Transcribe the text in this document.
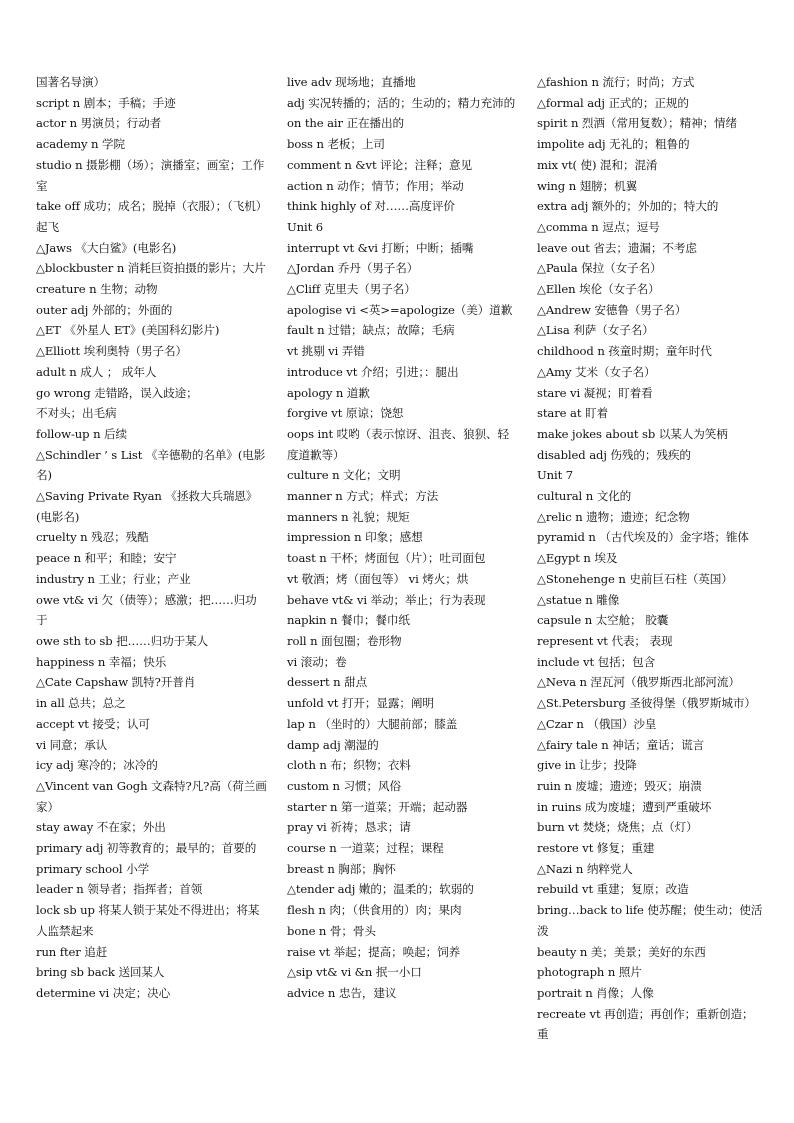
国著名导演）

script n 剧本；手稿；手迹

actor n 男演员；行动者

academy n 学院

studio n 摄影棚（场）；演播室；画室；工作室

take off 成功；成名；脱掉（衣服）；（飞机）起飞

△Jaws 《大白鲨》(电影名)

△blockbuster n 消耗巨资拍摄的影片；大片

creature n 生物；动物

outer adj 外部的；外面的

△ET 《外星人 ET》(美国科幻影片)

△Elliott 埃利奥特（男子名）

adult n 成人 ； 成年人

go wrong 走错路，误入歧途；

不对头；出毛病

follow-up n 后续

△Schindler ’ s List 《辛德勒的名单》(电影名)

△Saving Private Ryan 《拯救大兵瑞恩》(电影名)

cruelty n 残忍；残酷

peace n 和平；和睦；安宁

industry n 工业；行业；产业

owe vt& vi 欠（债等）；感激；把……归功于

owe sth to sb 把……归功于某人

happiness n 幸福；快乐

△Cate Capshaw 凯特?开普肖

in all 总共；总之

accept vt 接受；认可

vi 同意；承认

icy adj 寒冷的；冰冷的

△Vincent van Gogh 文森特?凡?高（荷兰画家）

stay away 不在家；外出

primary adj 初等教育的；最早的；首要的

primary school 小学

leader n 领导者；指挥者；首领

lock sb up 将某人锁于某处不得进出；将某人监禁起来

run fter 追赶

bring sb back 送回某人

determine vi 决定；决心

live adv 现场地；直播地

adj 实况转播的；活的；生动的；精力充沛的

on the air 正在播出的

boss n 老板；上司

comment n &vt 评论；注释；意见

action n 动作；情节；作用；举动

think highly of 对……高度评价

Unit 6

interrupt vt &vi 打断；中断；插嘴

△Jordan 乔丹（男子名）

△Cliff 克里夫（男子名）

apologise vi <英>=apologize（美）道歉

fault n 过错；缺点；故障；毛病

vt 挑剔 vi 弄错

introduce vt 介绍；引进；：腿出

apology n 道歉

forgive vt 原谅；饶恕

oops int 哎哟（表示惊讶、沮丧、狼狈、轻度道歉等）

culture n 文化；文明

manner n 方式；样式；方法

manners n 礼貌；规矩

impression n 印象；感想

toast n 干杯；烤面包（片）；吐司面包

vt 敬酒；烤（面包等） vi 烤火；烘

behave vt& vi 举动；举止；行为表现

napkin n 餐巾；餐巾纸

roll n 面包圈；卷形物

vi 滚动；卷

dessert n 甜点

unfold vt 打开；显露；阐明

lap n （坐时的）大腿前部；膝盖

damp adj 潮湿的

cloth n 布；织物；衣料

custom n 习惯；风俗

starter n 第一道菜；开端；起动器

pray vi 祈祷；恳求；请

course n 一道菜；过程；课程

breast n 胸部；胸怀

△tender adj 嫩的；温柔的；软弱的

flesh n 肉；（供食用的）肉；果肉

bone n 骨；骨头

raise vt 举起；提高；唤起；饲养

△sip vt& vi &n 抿一小口

advice n 忠告，建议

△fashion n 流行；时尚；方式

△formal adj 正式的；正规的

spirit n 烈酒（常用复数）；精神；情绪

impolite adj 无礼的；粗鲁的

mix vt( 使) 混和；混淆

wing n 翅膀；机翼

extra adj 额外的；外加的；特大的

△comma n 逗点；逗号

leave out 省去；遗漏；不考虑

△Paula 保拉（女子名）

△Ellen 埃伦（女子名）

△Andrew 安德鲁（男子名）

△Lisa 利萨（女子名）

childhood n 孩童时期；童年时代

△Amy 艾米（女子名）

stare vi 凝视；盯着看

stare at 盯着

make jokes about sb 以某人为笑柄

disabled adj 伤残的；残疾的

Unit 7

cultural n 文化的

△relic n 遗物；遗迹；纪念物

pyramid n （古代埃及的）金字塔；锥体

△Egypt n 埃及

△Stonehenge n 史前巨石柱（英国）

△statue n 雕像

capsule n 太空舱； 胶囊

represent vt 代表； 表现

include vt 包括；包含

△Neva n 涅瓦河（俄罗斯西北部河流）

△St.Petersburg 圣彼得堡（俄罗斯城市）

△Czar n （俄国）沙皇

△fairy tale n 神话；童话；谎言

give in 让步；投降

ruin n 废墟；遗迹；毁灭；崩溃

in ruins 成为废墟；遭到严重破坏

burn vt 焚烧；烧焦；点（灯）

restore vt 修复；重建

△Nazi n 纳粹党人

rebuild vt 重建；复原；改造

bring…back to life 使苏醒；使生动；使活泼

beauty n 美；美景；美好的东西

photograph n 照片

portrait n 肖像；人像

recreate vt 再创造；再创作；重新创造；重
